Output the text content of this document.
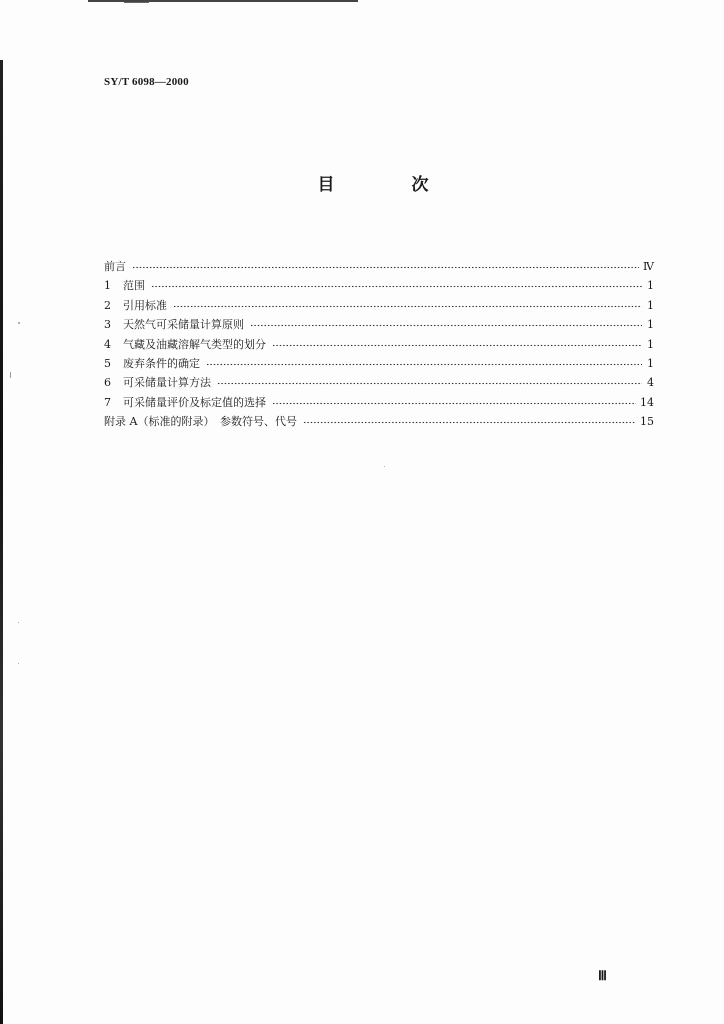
SY/T 6098—2000
目　次
前言	Ⅳ
1	范围	1
2	引用标准	1
3	天然气可采储量计算原则	1
4	气藏及油藏溶解气类型的划分	1
5	废弃条件的确定	1
6	可采储量计算方法	4
7	可采储量评价及标定值的选择	14
附录 A（标准的附录）　参数符号、代号	15
Ⅲ
